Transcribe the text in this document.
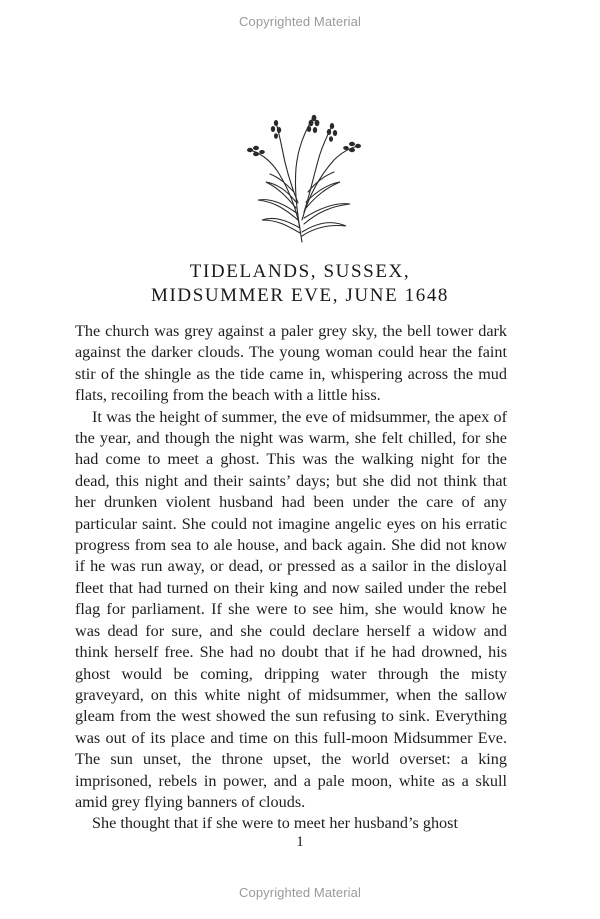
Copyrighted Material
TIDELANDS, SUSSEX,
MIDSUMMER EVE, JUNE 1648

The church was grey against a paler grey sky, the bell tower dark against the darker clouds. The young woman could hear the faint stir of the shingle as the tide came in, whispering across the mud flats, recoiling from the beach with a little hiss.

It was the height of summer, the eve of midsummer, the apex of the year, and though the night was warm, she felt chilled, for she had come to meet a ghost. This was the walking night for the dead, this night and their saints’ days; but she did not think that her drunken violent husband had been under the care of any particular saint. She could not imagine angelic eyes on his erratic progress from sea to ale house, and back again. She did not know if he was run away, or dead, or pressed as a sailor in the disloyal fleet that had turned on their king and now sailed under the rebel flag for parliament. If she were to see him, she would know he was dead for sure, and she could declare herself a widow and think herself free. She had no doubt that if he had drowned, his ghost would be coming, dripping water through the misty graveyard, on this white night of midsummer, when the sallow gleam from the west showed the sun refusing to sink. Everything was out of its place and time on this full-moon Midsummer Eve. The sun unset, the throne upset, the world overset: a king imprisoned, rebels in power, and a pale moon, white as a skull amid grey flying banners of clouds.

She thought that if she were to meet her husband’s ghost

1
Copyrighted Material
